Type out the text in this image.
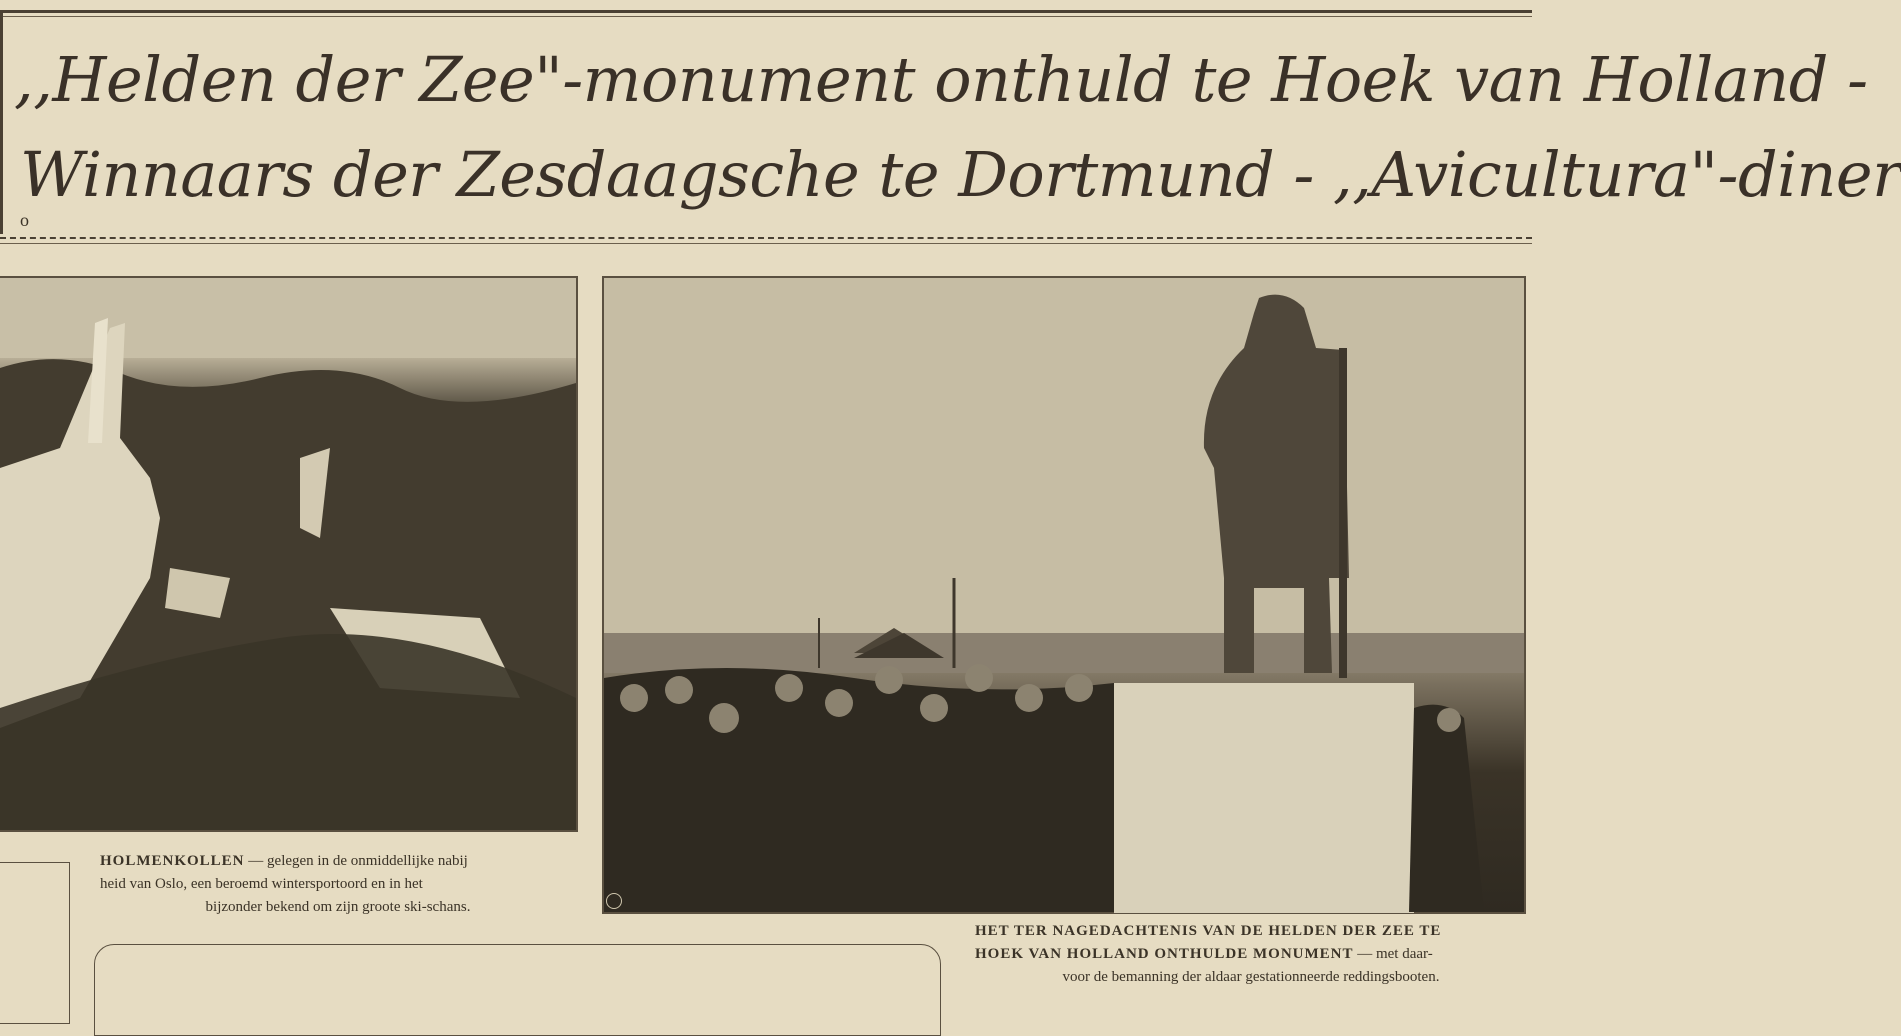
,,Helden der Zee"-monument onthuld te Hoek van Holland -
Winnaars der Zesdaagsche te Dortmund - ,,Avicultura"-diner
o
HOLMENKOLLEN — gelegen in de onmiddellijke nabij
heid van Oslo, een beroemd wintersportoord en in het
bijzonder bekend om zijn groote ski-schans.
HET TER NAGEDACHTENIS VAN DE HELDEN DER ZEE TE
HOEK VAN HOLLAND ONTHULDE MONUMENT — met daar-
voor de bemanning der aldaar gestationneerde reddingsbooten.
